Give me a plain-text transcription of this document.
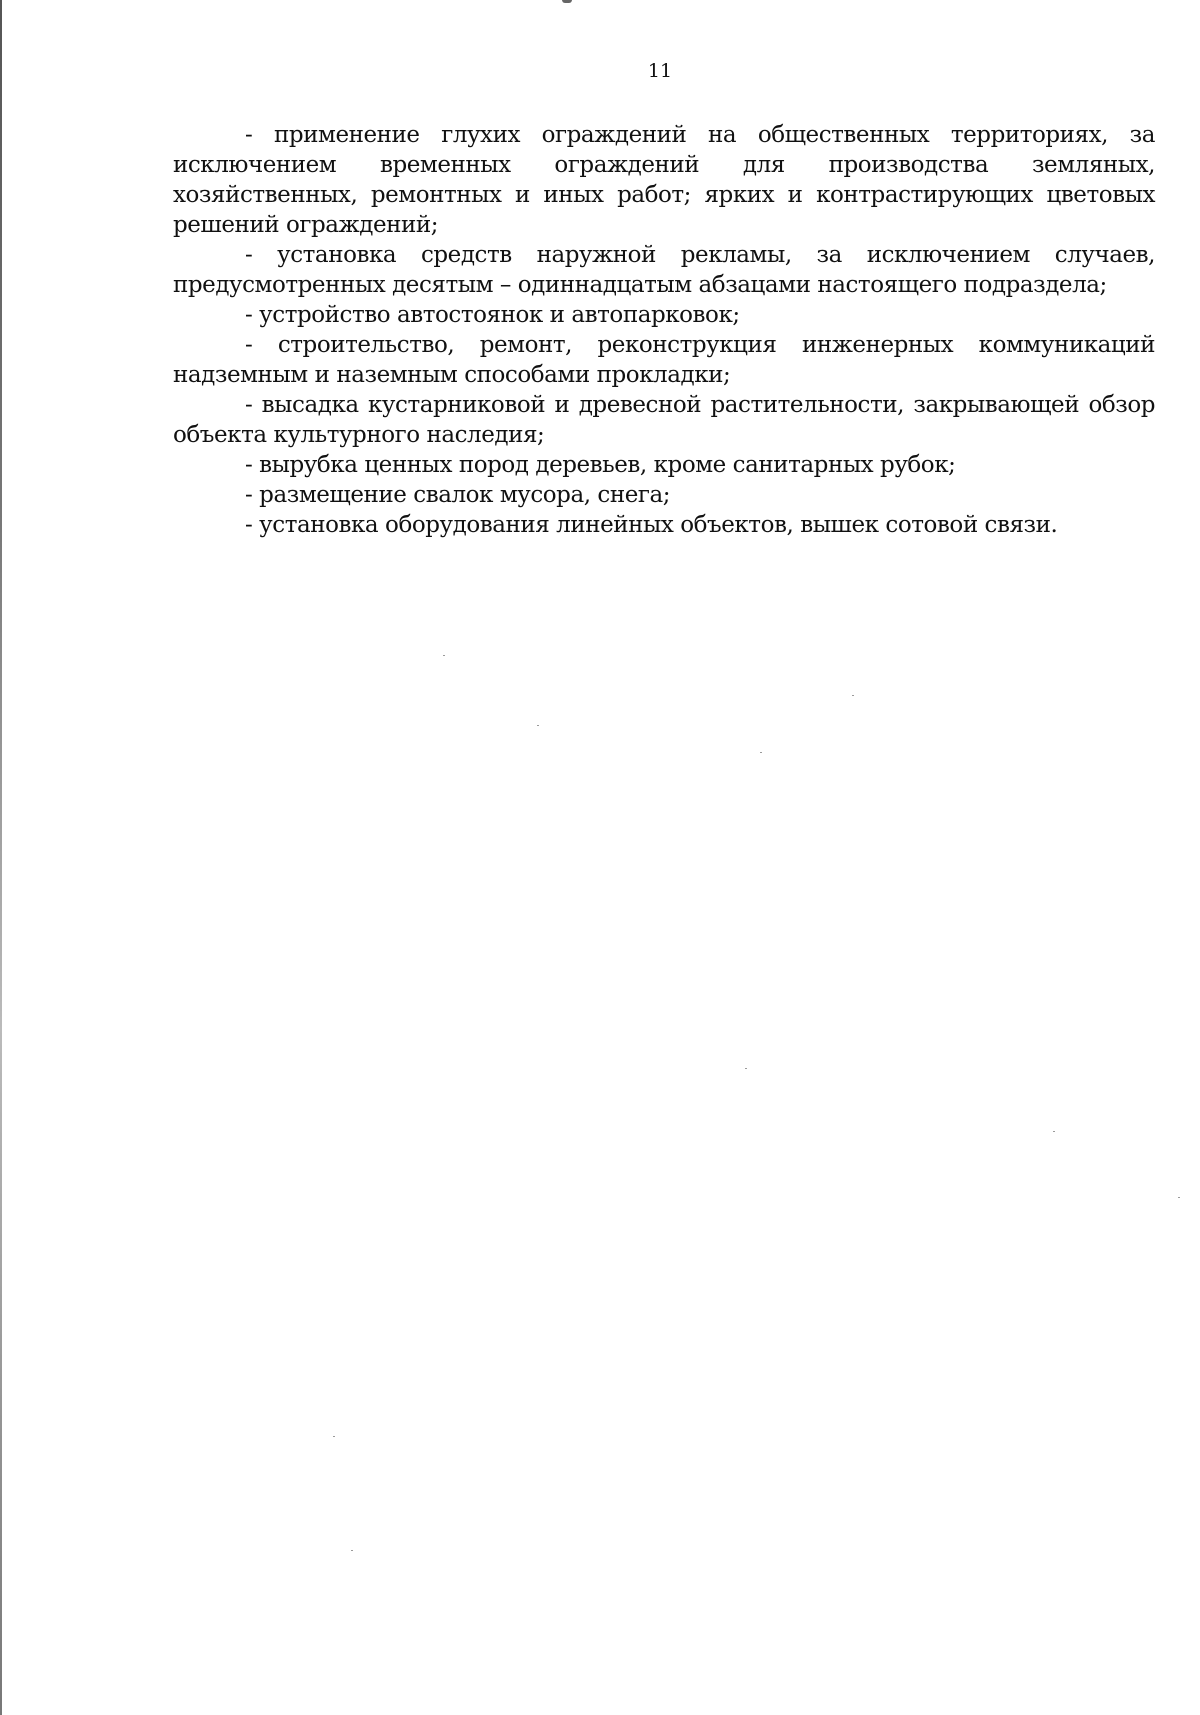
11

- применение глухих ограждений на общественных территориях, за исключением временных ограждений для производства земляных, хозяйственных, ремонтных и иных работ; ярких и контрастирующих цветовых решений ограждений;

- установка средств наружной рекламы, за исключением случаев, предусмотренных десятым – одиннадцатым абзацами настоящего подраздела;

- устройство автостоянок и автопарковок;

- строительство, ремонт, реконструкция инженерных коммуникаций надземным и наземным способами прокладки;

- высадка кустарниковой и древесной растительности, закрывающей обзор объекта культурного наследия;

- вырубка ценных пород деревьев, кроме санитарных рубок;

- размещение свалок мусора, снега;

- установка оборудования линейных объектов, вышек сотовой связи.
